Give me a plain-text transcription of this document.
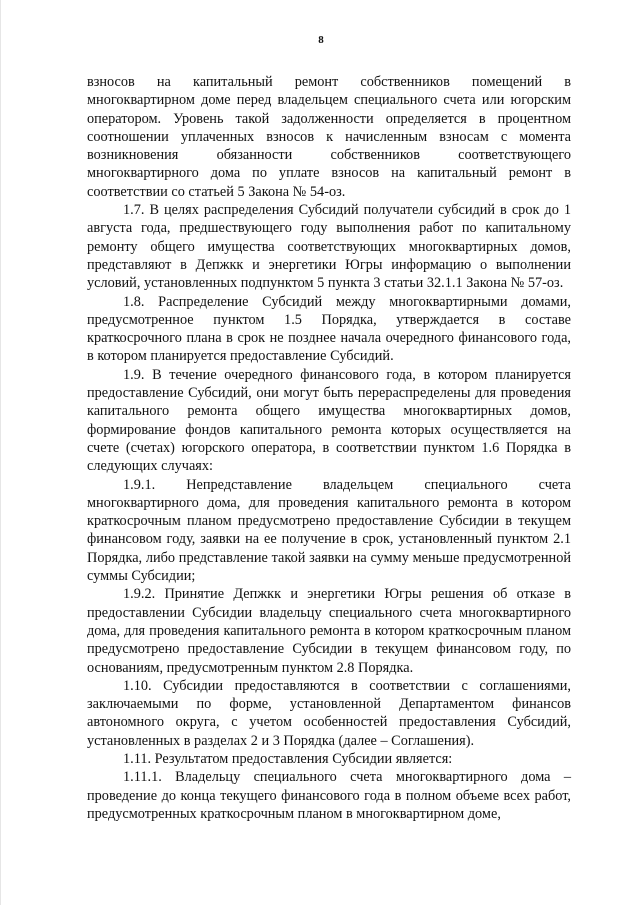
8

взносов на капитальный ремонт собственников помещений в многоквартирном доме перед владельцем специального счета или югорским оператором. Уровень такой задолженности определяется в процентном соотношении уплаченных взносов к начисленным взносам с момента возникновения обязанности собственников соответствующего многоквартирного дома по уплате взносов на капитальный ремонт в соответствии со статьей 5 Закона № 54-оз.

1.7. В целях распределения Субсидий получатели субсидий в срок до 1 августа года, предшествующего году выполнения работ по капитальному ремонту общего имущества соответствующих многоквартирных домов, представляют в Депжкк и энергетики Югры информацию о выполнении условий, установленных подпунктом 5 пункта 3 статьи 32.1.1 Закона № 57-оз.

1.8. Распределение Субсидий между многоквартирными домами, предусмотренное пунктом 1.5 Порядка, утверждается в составе краткосрочного плана в срок не позднее начала очередного финансового года, в котором планируется предоставление Субсидий.

1.9. В течение очередного финансового года, в котором планируется предоставление Субсидий, они могут быть перераспределены для проведения капитального ремонта общего имущества многоквартирных домов, формирование фондов капитального ремонта которых осуществляется на счете (счетах) югорского оператора, в соответствии пунктом 1.6 Порядка в следующих случаях:

1.9.1. Непредставление владельцем специального счета многоквартирного дома, для проведения капитального ремонта в котором краткосрочным планом предусмотрено предоставление Субсидии в текущем финансовом году, заявки на ее получение в срок, установленный пунктом 2.1 Порядка, либо представление такой заявки на сумму меньше предусмотренной суммы Субсидии;

1.9.2. Принятие Депжкк и энергетики Югры решения об отказе в предоставлении Субсидии владельцу специального счета многоквартирного дома, для проведения капитального ремонта в котором краткосрочным планом предусмотрено предоставление Субсидии в текущем финансовом году, по основаниям, предусмотренным пунктом 2.8 Порядка.

1.10. Субсидии предоставляются в соответствии с соглашениями, заключаемыми по форме, установленной Департаментом финансов автономного округа, с учетом особенностей предоставления Субсидий, установленных в разделах 2 и 3 Порядка (далее – Соглашения).

1.11. Результатом предоставления Субсидии является:

1.11.1. Владельцу специального счета многоквартирного дома – проведение до конца текущего финансового года в полном объеме всех работ, предусмотренных краткосрочным планом в многоквартирном доме,
